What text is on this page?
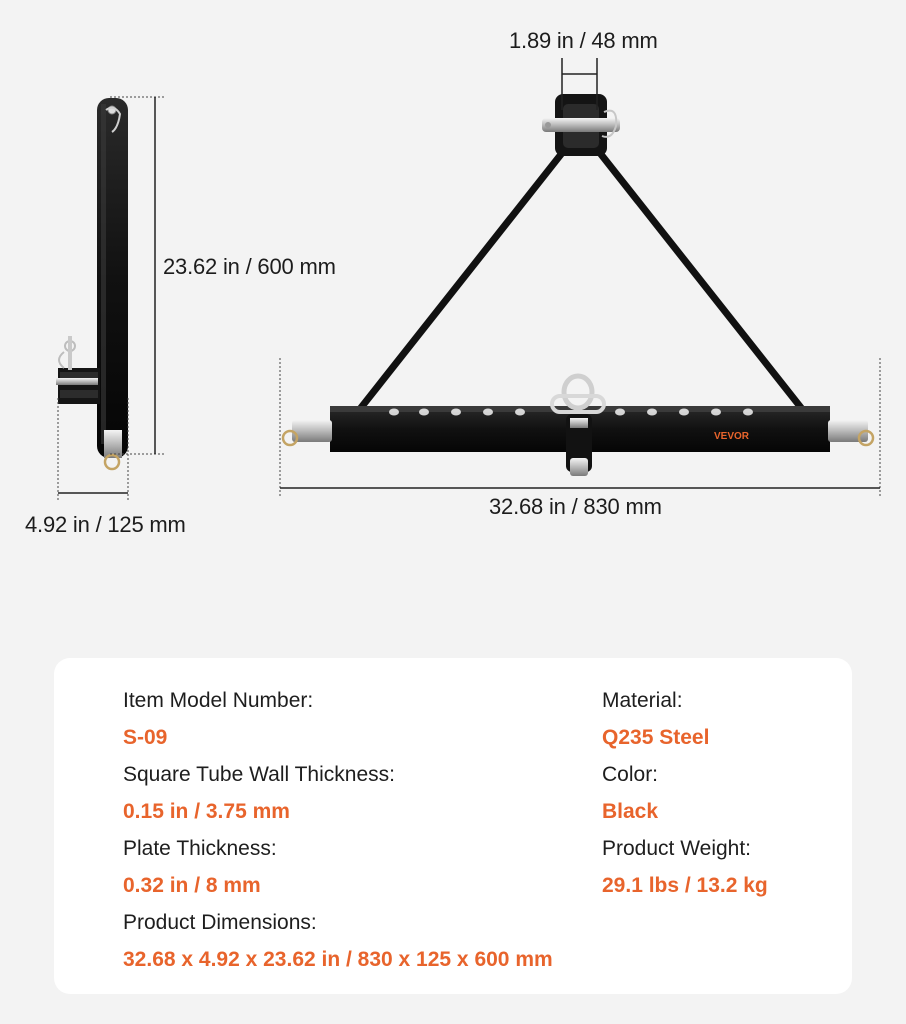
VEVOR
1.89 in / 48 mm
23.62 in / 600 mm
4.92 in / 125 mm
32.68 in / 830 mm
Item Model Number:
S-09
Square Tube Wall Thickness:
0.15 in / 3.75 mm
Plate Thickness:
0.32 in / 8 mm
Product Dimensions:
32.68 x 4.92 x 23.62 in / 830 x 125 x 600 mm
Material:
Q235 Steel
Color:
Black
Product Weight:
29.1 lbs / 13.2 kg
